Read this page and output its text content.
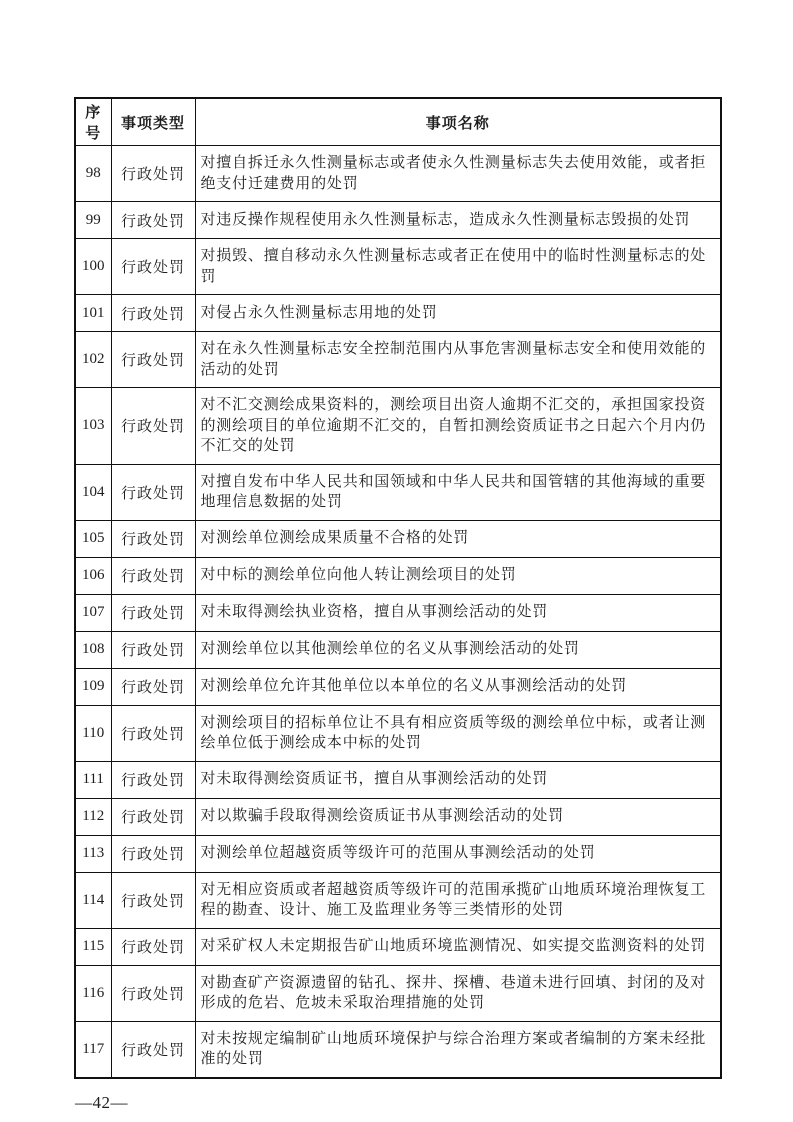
序号	事项类型	事项名称
98	行政处罚	对擅自拆迁永久性测量标志或者使永久性测量标志失去使用效能，或者拒绝支付迁建费用的处罚
99	行政处罚	对违反操作规程使用永久性测量标志，造成永久性测量标志毁损的处罚
100	行政处罚	对损毁、擅自移动永久性测量标志或者正在使用中的临时性测量标志的处罚
101	行政处罚	对侵占永久性测量标志用地的处罚
102	行政处罚	对在永久性测量标志安全控制范围内从事危害测量标志安全和使用效能的活动的处罚
103	行政处罚	对不汇交测绘成果资料的，测绘项目出资人逾期不汇交的，承担国家投资的测绘项目的单位逾期不汇交的，自暂扣测绘资质证书之日起六个月内仍不汇交的处罚
104	行政处罚	对擅自发布中华人民共和国领域和中华人民共和国管辖的其他海域的重要地理信息数据的处罚
105	行政处罚	对测绘单位测绘成果质量不合格的处罚
106	行政处罚	对中标的测绘单位向他人转让测绘项目的处罚
107	行政处罚	对未取得测绘执业资格，擅自从事测绘活动的处罚
108	行政处罚	对测绘单位以其他测绘单位的名义从事测绘活动的处罚
109	行政处罚	对测绘单位允许其他单位以本单位的名义从事测绘活动的处罚
110	行政处罚	对测绘项目的招标单位让不具有相应资质等级的测绘单位中标，或者让测绘单位低于测绘成本中标的处罚
111	行政处罚	对未取得测绘资质证书，擅自从事测绘活动的处罚
112	行政处罚	对以欺骗手段取得测绘资质证书从事测绘活动的处罚
113	行政处罚	对测绘单位超越资质等级许可的范围从事测绘活动的处罚
114	行政处罚	对无相应资质或者超越资质等级许可的范围承揽矿山地质环境治理恢复工程的勘查、设计、施工及监理业务等三类情形的处罚
115	行政处罚	对采矿权人未定期报告矿山地质环境监测情况、如实提交监测资料的处罚
116	行政处罚	对勘查矿产资源遗留的钻孔、探井、探槽、巷道未进行回填、封闭的及对形成的危岩、危坡未采取治理措施的处罚
117	行政处罚	对未按规定编制矿山地质环境保护与综合治理方案或者编制的方案未经批准的处罚
—42—
